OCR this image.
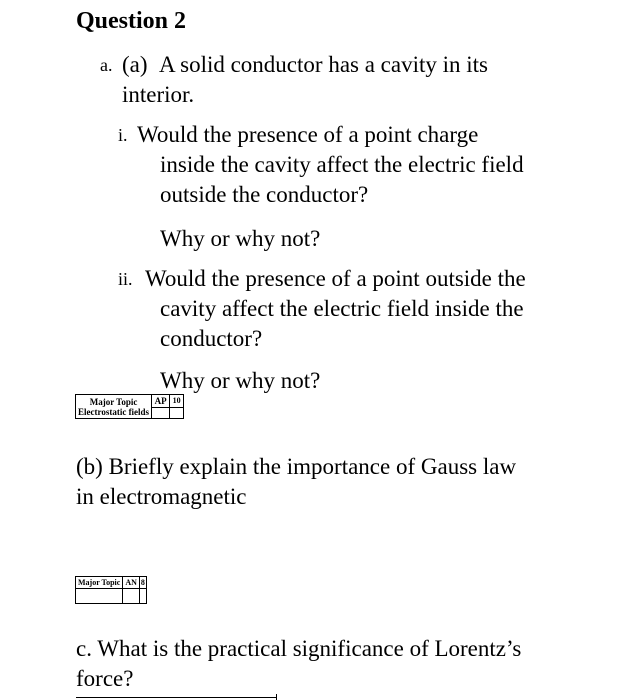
Question 2
a. (a) A solid conductor has a cavity in its
interior.
i. Would the presence of a point charge
inside the cavity affect the electric field
outside the conductor?
Why or why not?
ii. Would the presence of a point outside the
cavity affect the electric field inside the
conductor?
Why or why not?
Major Topic
Electrostatic fields	AP	10

(b) Briefly explain the importance of Gauss law
in electromagnetic
Major Topic	AN	8

c. What is the practical significance of Lorentz’s
force?
